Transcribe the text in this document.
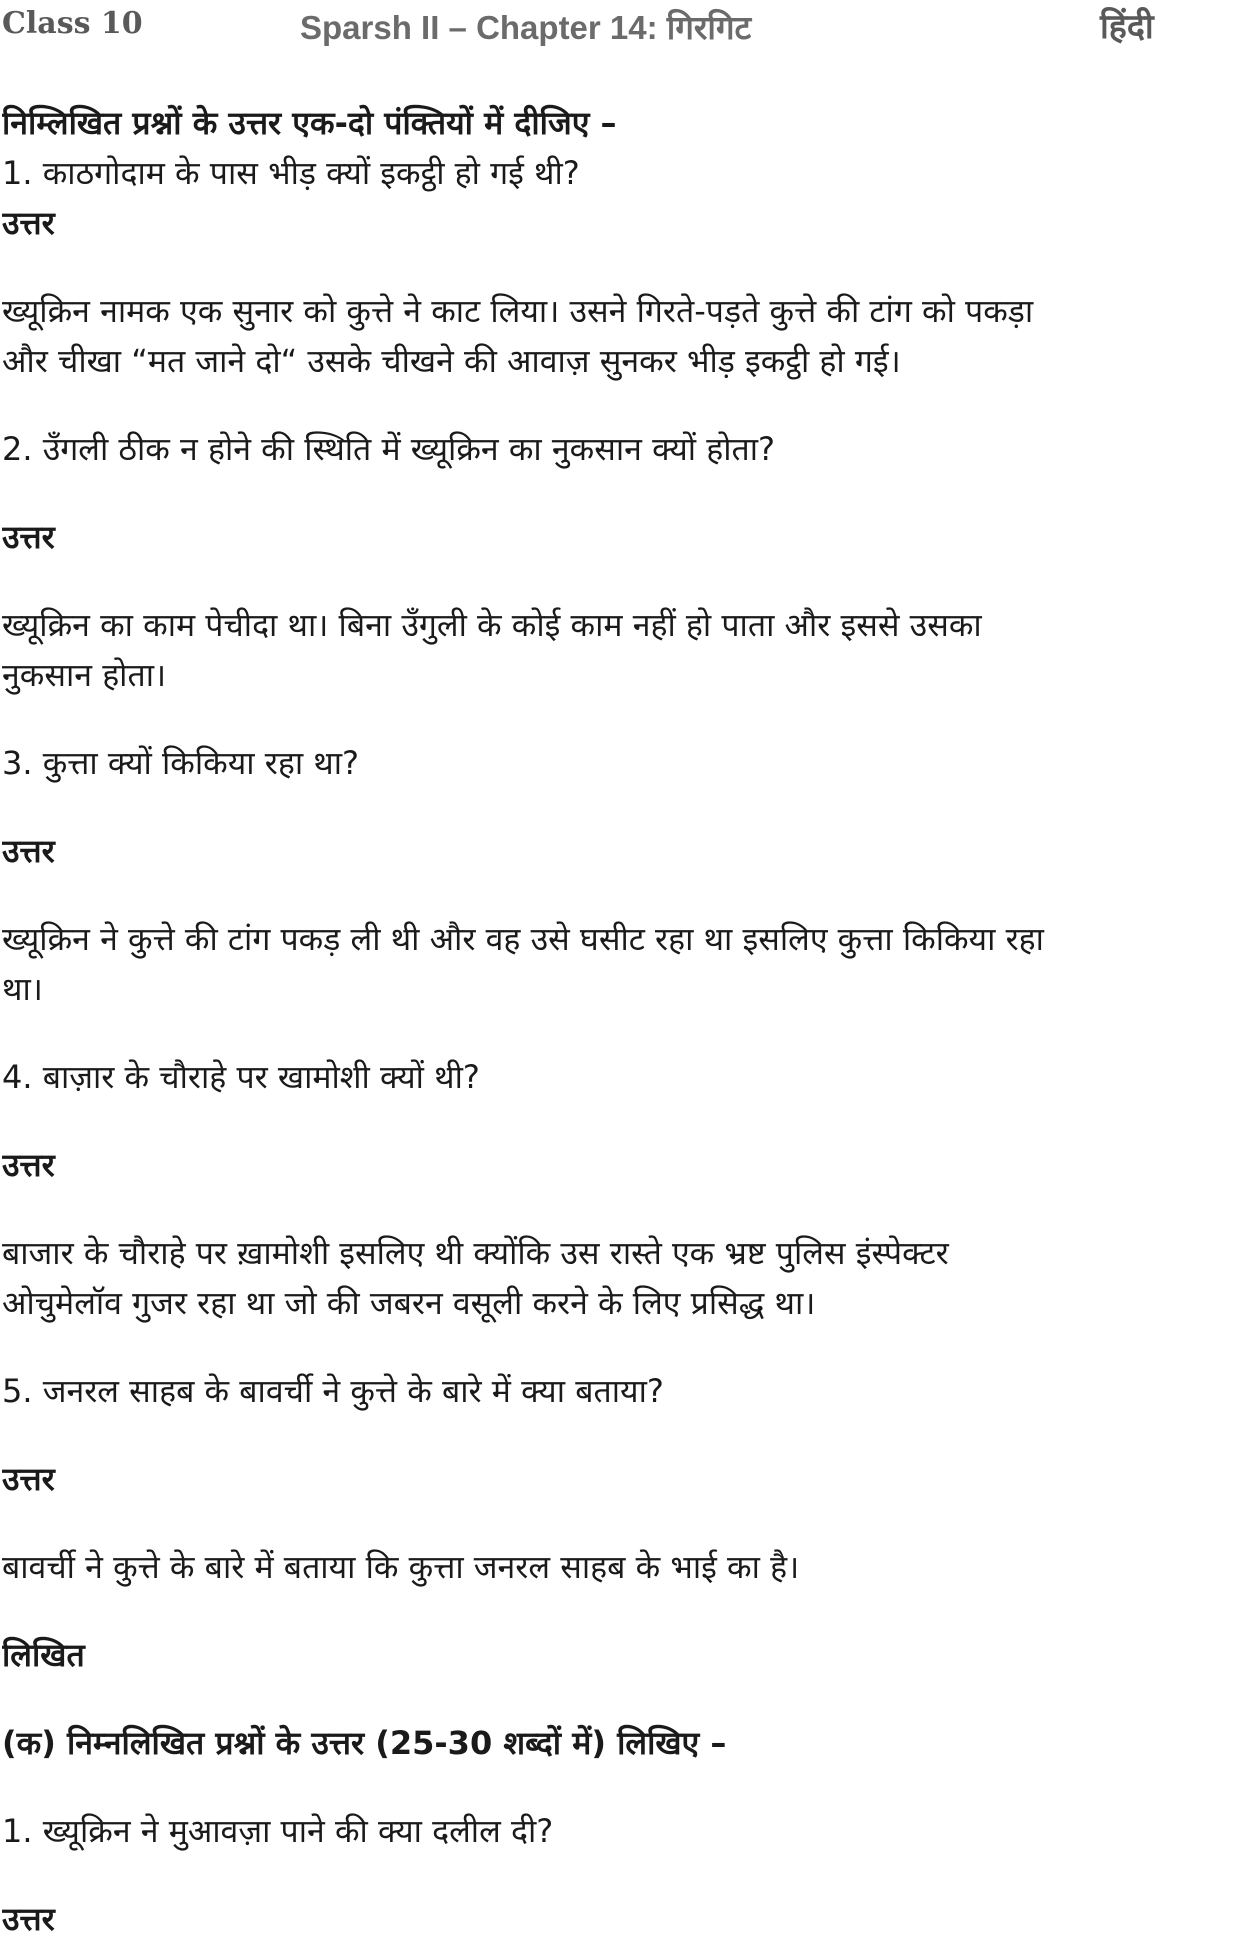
Class 10	Sparsh II – Chapter 14: गिरगिट	हिंदी

निम्लिखित प्रश्नों के उत्तर एक-दो पंक्तियों में दीजिए –

1. काठगोदाम के पास भीड़ क्यों इकट्ठी हो गई थी?

उत्तर

ख्यूक्रिन नामक एक सुनार को कुत्ते ने काट लिया। उसने गिरते-पड़ते कुत्ते की टांग को पकड़ा

और चीखा “मत जाने दो“ उसके चीखने की आवाज़ सुनकर भीड़ इकट्ठी हो गई।

2. उँगली ठीक न होने की स्थिति में ख्यूक्रिन का नुकसान क्यों होता?

उत्तर

ख्यूक्रिन का काम पेचीदा था। बिना उँगुली के कोई काम नहीं हो पाता और इससे उसका

नुकसान होता।

3. कुत्ता क्यों किकिया रहा था?

उत्तर

ख्यूक्रिन ने कुत्ते की टांग पकड़ ली थी और वह उसे घसीट रहा था इसलिए कुत्ता किकिया रहा

था।

4. बाज़ार के चौराहे पर खामोशी क्यों थी?

उत्तर

बाजार के चौराहे पर ख़ामोशी इसलिए थी क्योंकि उस रास्ते एक भ्रष्ट पुलिस इंस्पेक्टर

ओचुमेलॉव गुजर रहा था जो की जबरन वसूली करने के लिए प्रसिद्ध था।

5. जनरल साहब के बावर्ची ने कुत्ते के बारे में क्या बताया?

उत्तर

बावर्ची ने कुत्ते के बारे में बताया कि कुत्ता जनरल साहब के भाई का है।

लिखित

(क) निम्नलिखित प्रश्नों के उत्तर (25-30 शब्दों में) लिखिए –

1. ख्यूक्रिन ने मुआवज़ा पाने की क्या दलील दी?

उत्तर
